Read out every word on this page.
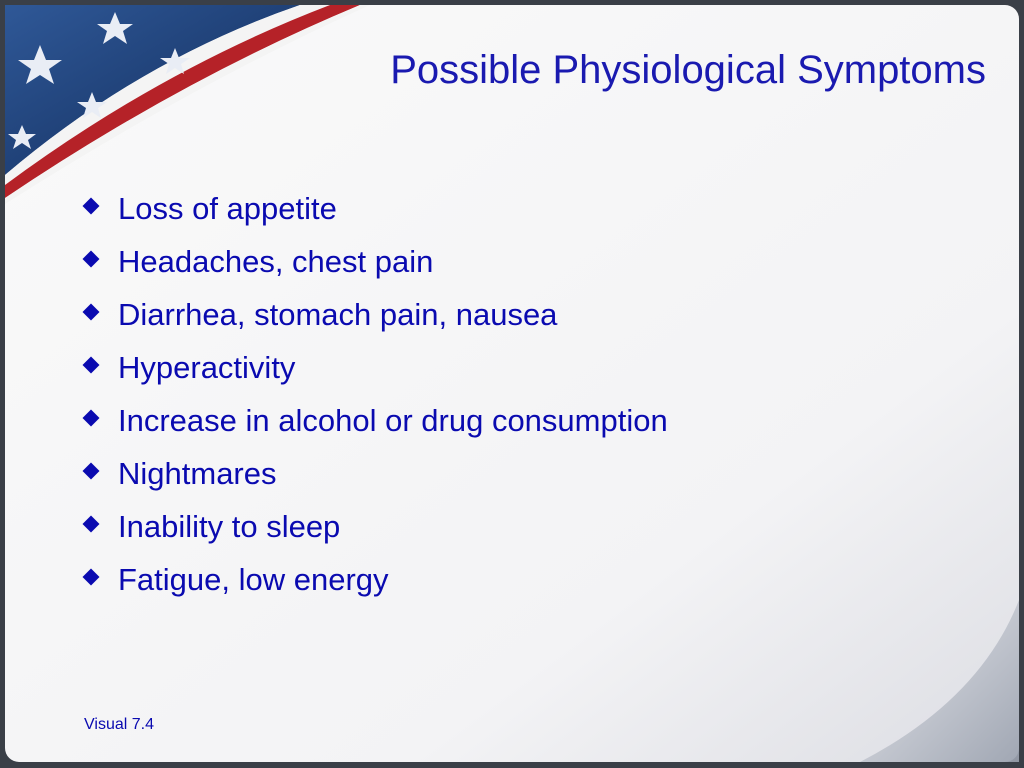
Possible Physiological Symptoms
Loss of appetite
Headaches, chest pain
Diarrhea, stomach pain, nausea
Hyperactivity
Increase in alcohol or drug consumption
Nightmares
Inability to sleep
Fatigue, low energy
Visual 7.4
